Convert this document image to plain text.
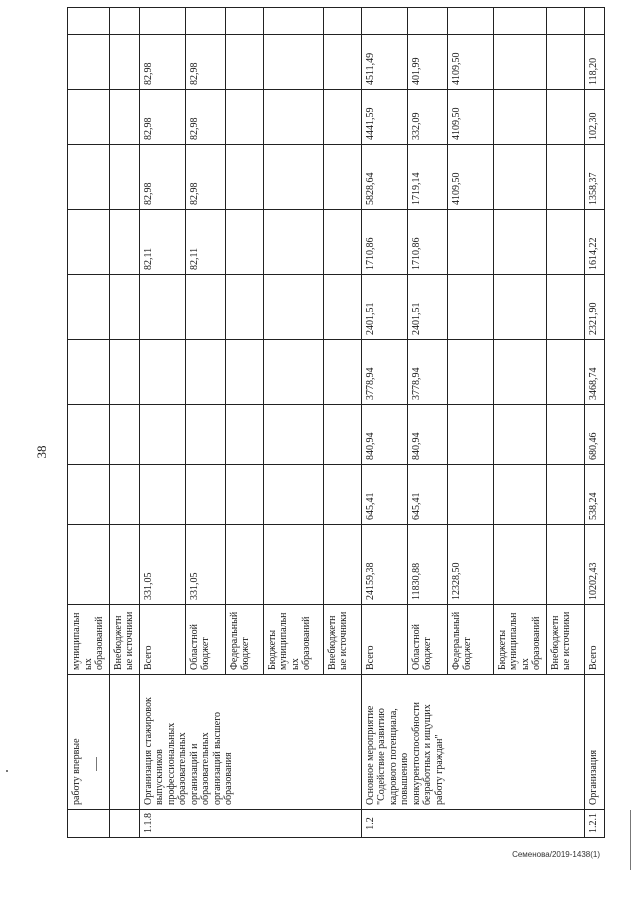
38
	работу впервые	муниципальных образований										
		Внебюджетные источники										
1.1.8	Организация стажировок выпускников профессиональных образовательных организаций и образовательных организаций высшего образования	Всего	331,05					82,11	82,98	82,98	82,98	
		Областной бюджет	331,05					82,11	82,98	82,98	82,98	
		Федеральный бюджет										
		Бюджеты муниципальных образований										
		Внебюджетные источники										
1.2	Основное мероприятие "Содействие развитию кадрового потенциала, повышению конкурентоспособности безработных и ищущих работу граждан"	Всего	24159,38	645,41	840,94	3778,94	2401,51	1710,86	5828,64	4441,59	4511,49	
		Областной бюджет	11830,88	645,41	840,94	3778,94	2401,51	1710,86	1719,14	332,09	401,99	
		Федеральный бюджет	12328,50						4109,50	4109,50	4109,50	
		Бюджеты муниципальных образований										
		Внебюджетные источники										
1.2.1	Организация	Всего	10202,43	538,24	680,46	3468,74	2321,90	1614,22	1358,37	102,30	118,20	
Семенова/2019-1438(1)
